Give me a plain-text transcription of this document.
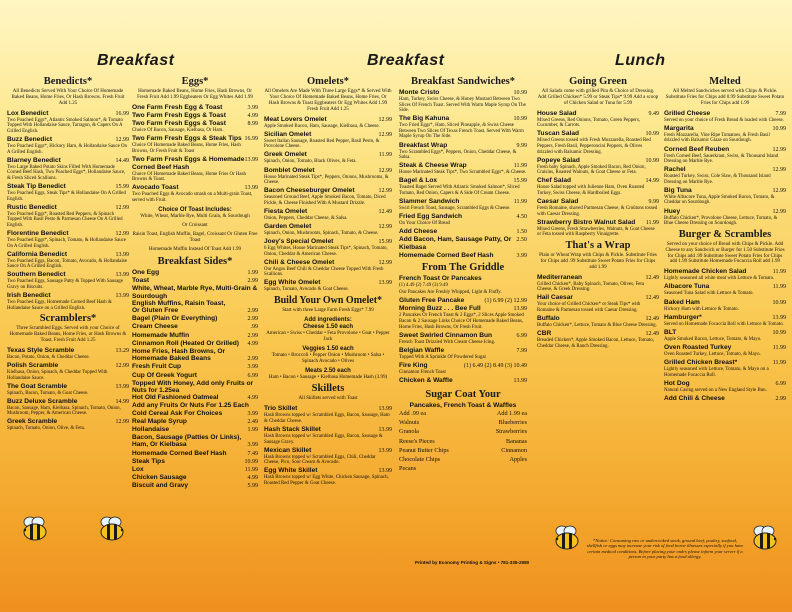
Breakfast	Breakfast	Lunch
Benedicts*
All Benedicts Served With Your Choice Of Homemade Baked Beans, Home Fries, Or Hash Browns. Fresh Fruit Add 1.25
Lox Benedict	16.99
Two Poached Eggs*, Atlantic Smoked Salmon*, & Tomato Topped With Hollandaise Sauce, Tarragon, & Capers On A Grilled English.
Buzz Benedict	12.99
Two Poached Eggs*, Hickory Ham, & Hollandaise Sauce On A Grilled English.
Blarney Benedict	14.49
Two Large Baked Potato Skins Filled With Homemade Corned Beef Hash, Two Poached Eggs*, Hollandaise Sauce, & Fresh Sliced Scallions.
Steak Tip Benedict	15.99
Two Poached Eggs, Steak Tips* & Hollandaise On A Grilled English.
Rustic Benedict	12.99
Two Poached Eggs*, Roasted Red Peppers, & Spinach Topped With Basil Pesto & Parmesan Cheese On A Grilled English.
Florentine Benedict	12.99
Two Poached Eggs*, Spinach, Tomato, & Hollandaise Sauce On A Grilled English.
California Benedict	13.99
Two Poached Eggs, Bacon, Tomato, Avocado, & Hollandaise Sauce On A Grilled English.
Southern Benedict	13.99
Two Poached Eggs, Sausage Patty & Topped With Sausage Gravy on Biscuits.
Irish Benedict	13.99
Two Poached Eggs, Homemade Corned Beef Hash & Hollandaise Sauce on a Grilled English.
Scramblers*
Three Scrambled Eggs. Served with your Choice of Homemade Baked Beans, Home Fries, or Hash Browns & Toast. Fresh Fruit Add 1.25
Texas Style Scramble	13.29
Bacon, Potato, Onion, & Cheddar Cheese.
Polish Scramble	12.99
Kielbasa, Onion, Spinach, & Cheddar Topped With Hollandaise Sauce.
The Goat Scramble	13.99
Spinach, Bacon, Tomato, & Goat Cheese.
Buzz Deluxe Scramble	14.99
Bacon, Sausage, Ham, Kielbasa, Spinach, Tomato, Onion, Mushroom, Pepper, & American Cheese.
Greek Scramble	12.99
Spinach, Tomato, Onion, Olive, & Feta.
Eggs*
Homemade Baked Beans, Home Fries, Hash Browns, Or Fresh Fruit Add 1.99 Eggbeaters Or Egg Whites Add 1.99
One Farm Fresh Egg & Toast	3.99
Two Farm Fresh Eggs & Toast	4.99
Two Farm Fresh Eggs & Toast	8.99
Choice Of Bacon, Sausage, Kielbasa, Or Ham.
Two Farm Fresh Eggs & Steak Tips 16.99
Choice Of Homemade Baked Beans, Home Fries, Hash Browns, Or Fresh Fruit & Toast
Two Farm Fresh Eggs & Homemade Corned Beef Hash
13.99
Choice Of Homemade Baked Beans, Home Fries Or Hash Browns & Toast.
Avocado Toast	13.99
Two Poached Eggs & Avocado smash on a Multi-grain Toast, served with Fruit.
Choice Of Toast Includes:
White, Wheat, Marble Rye, Multi Grain, & Sourdough
Or Croissant
Raisin Toast, English Muffin, Bagel, Croissant Or Gluten Free Toast
Homemade Muffin Instead Of Toast Add 1.99
Breakfast Sides*
One Egg	1.99
Toast	2.99
White, Wheat, Marble Rye, Multi-Grain & Sourdough
English Muffins, Raisin Toast,
Or Gluten Free	2.99
Bagel (Plain Or Everything)	2.99
Cream Cheese	.99
Homemade Muffin	2.99
Cinnamon Roll (Heated Or Grilled) 4.99
Home Fries, Hash Browns, Or
Homemade Baked Beans	2.99
Fresh Fruit Cup	3.99
Cup Of Greek Yogurt	6.99
Topped With Honey, Add only Fruits or Nuts for 1.25ea
Hot Old Fashioned Oatmeal	4.99
Add any Fruits Or Nuts For 1.25 Each
Cold Cereal Ask For Choices	3.99
Real Maple Syrup	2.49
Hollandaise	1.99
Bacon, Sausage (Patties Or Links),
Ham, Or Kielbasa	3.99
Homemade Corned Beef Hash	7.49
Steak Tips	10.99
Lox	11.99
Chicken Sausage	4.99
Biscuit and Gravy	5.99
Omelets*
All Omelets Are Made With Three Large Eggs* & Served With Your Choice Of Homemade Baked Beans, Home Fries, Or Hash Browns & Toast Eggbeaters Or Egg Whites Add 1.99 Fresh Fruit Add 1.25
Meat Lovers Omelet	12.99
Apple Smoked Bacon, Ham, Sausage, Kielbasa, & Cheese.
Sicilian Omelet	12.99
Sweet Italian Sausage, Roasted Red Pepper, Basil Pesto, & Provolone Cheese.
Greek Omelet	11.99
Spinach, Onion, Tomato, Black Olives, & Feta.
Bomblet Omelet	12.99
House Marinated Steak Tips*, Peppers, Onions, Mushrooms, & Cheese.
Bacon Cheeseburger Omelet	12.99
Seasoned Ground Beef, Apple Smoked Bacon, Tomato, Diced Pickle, & Cheese Finished With A Mustard Drizzle.
Fiesta Omelet	12.49
Onion, Peppers, Cheddar Cheese, & Salsa.
Garden Omelet	12.99
Spinach, Onion, Mushrooms, Spinach, Tomato, & Cheese.
Joey's Special Omelet	15.99
6 Egg Whites, House Marinated Steak Tips*, Spinach, Tomato, Onion, Cheddar & American Cheese.
Chili & Cheese Omelet	12.99
Our Angus Beef Chili & Cheddar Cheese Topped With Fresh Scallions.
Egg White Omelet	13.99
Spinach, Tomato, Avocado & Goat Cheese.
Build Your Own Omelet*
Start with three Large Farm Fresh Eggs* 7.99
Add ingredients:
Cheese 1.50 each
American • Swiss • Cheddar • Feta Provolone • Goat • Pepper Jack
Veggies 1.50 each
Tomato • Broccoli • Pepper Onion • Mushroom • Salsa • Spinach Avocado • Olives
Meats 2.50 each
Ham • Bacon • Sausage • Kielbasa Homemade Hash (3.99)
Skillets
All Skillets served with Toast
Trio Skillet	13.99
Hash Browns topped w/ Scrambled Eggs, Bacon, Sausage, Ham & Cheddar Cheese.
Hash Stack Skillet	13.99
Hash Browns topped w/ Scrambled Eggs, Bacon, Sausage & Sausage Gravy.
Mexican Skillet	13.99
Hash Browns topped w/ Scrambled Eggs, Chili, Cheddar Cheese, Pico, Sour Cream & Avocado.
Egg White Skillet	13.99
Hash Browns topped w/ Egg White, Chicken Sausage, Spinach, Roasted Red Pepper & Goat Cheese.
Breakfast Sandwiches*
Monte Cristo	10.99
Ham, Turkey, Swiss Cheese, & Honey Mustard Between Two Slices Of French Toast. Served With Warm Maple Syrup On The Side.
The Big Kahuna	10.99
Two Fried Eggs*, Ham, Sliced Pineapple, & Swiss Cheese Between Two Slices Of Texas French Toast. Served With Warm Maple Syrup On The Side.
Breakfast Wrap	9.99
Two Scrambled Eggs*, Peppers, Onion, Cheddar Cheese, & Salsa.
Steak & Cheese Wrap	11.99
House Marinated Steak Tips*, Two Scrambled Eggs*, & Cheese.
Bagel & Lox	15.99
Toasted Bagel Served With Atlantic Smoked Salmon*, Sliced Tomato, Red Onion, Capers & A Side Of Cream Cheese.
Slammer Sandwich	11.99
Swirl French Toast, Sausage, Scrambled Eggs & Cheese.
Fried Egg Sandwich	4.50
On Your Choice Of Bread
Add Cheese	1.50
Add Bacon, Ham, Sausage Patty, Or Kielbasa
2.50
Homemade Corned Beef Hash	3.99
From The Griddle
French Toast Or Pancakes
(1) 4.49 (2) 7.49 (3) 9.49
Our Pancakes Are Freshly Whipped, Light & Fluffy.
Gluten Free Pancake	(1) 6.99 (2) 12.99
Morning Buzz . . . Bee Full	13.99
2 Pancakes Or French Toast & 2 Eggs*, 2 Slices Apple Smoked Bacon & 2 Sausage Links Choice Of Homemade Baked Beans, Home Fries, Hash Browns, Or Fresh Fruit.
Sweet Swirled Cinnamon Bun	6.99
French Toast Drizzled With Cream Cheese Icing.
Belgian Waffle	7.99
Topped With A Sprinkle Of Powdered Sugar
Fire King	(1) 6.49 (2) 8.49 (3) 10.49
Cinnamon French Toast
Chicken & Waffle	13.99
Sugar Coat Your
Pancakes, French Toast & Waffles
Add .99 ea	Add 1.99 ea
Walnuts	Blueberries
Granola	Strawberries
Reese's Pieces	Bananas
Peanut Butter Chips	Cinnamon
Chocolate Chips	Apples
Pecans
Going Green
All Salads come with grilled Pita & Choice of Dressing. Add Grilled Chicken* 5.99 or Steak Tips* 9.99 Add a scoop of Chicken Salad or Tuna for 5.99
House Salad	9.49
Mixed Greens, Red Onions, Tomato, Green Peppers, Cucumber, & Carrots.
Tuscan Salad	10.99
Mixed Greens tossed with Fresh Mozzarella, Roasted Red Peppers, Fresh Basil, Pepperoncini Peppers, & Olives drizzled with Balsamic Dressing.
Popeye Salad	10.99
Fresh baby Spinach, Apple Smoked Bacon, Red Onion, Craisins, Roasted Walnuts, & Goat Cheese or Feta.
Chef Salad	14.99
House Salad topped with Julienne Ham, Oven Roasted Turkey, Swiss Cheese, & Hardboiled Eggs.
Caesar Salad	9.99
Fresh Romaine, shaved Parmesan Cheese, & Croûtons tossed with Caesar Dressing.
Strawberry Bistro Walnut Salad 11.99
Mixed Greens, Fresh Strawberries, Walnuts, & Goat Cheese or Feta tossed with Raspberry Vinaigrette.
That's a Wrap
Plain or Wheat Wrap with Chips & Pickle. Substitute Fries for Chips add .99 Substitute Sweet Potato Fries for Chips add 1.99
Mediterranean	12.49
Grilled Chicken*, Baby Spinach, Tomato, Olives, Feta Cheese, & Greek Dressing.
Hail Caesar	12.49
Your choice of Grilled Chicken* or Steak Tips* with Romaine & Parmesan tossed with Caesar Dressing.
Buffalo	12.49
Buffalo Chicken*, Lettuce, Tomato & Blue Cheese Dressing.
CBR	12.49
Breaded Chicken*, Apple Smoked Bacon, Lettuce, Tomato, Cheddar Cheese, & Ranch Dressing.
Melted
All Melted Sandwiches served with Chips & Pickle. Substitute Fries for Chips add 0.99 Substitute Sweet Potato Fries for Chips add 1.99
Grilled Cheese	7.99
Served on your choice of Fresh Bread & loaded with Cheese.
Margarita	10.99
Fresh Mozzarella, Vine Ripe Tomatoes, & Fresh Basil drizzled with Balsamic Glaze on Sourdough.
Corned Beef Reuben	12.99
Fresh Corned Beef, Sauerkraut, Swiss, & Thousand Island Dressing on Marble Rye.
Rachel	12.99
Roasted Turkey, Swiss, Cole Slaw, & Thousand Island Dressing on Marble Rye.
Big Tuna	12.99
White Albacore Tuna, Apple Smoked Bacon, Tomato, & Cheddar on Sourdough.
Huey	12.99
Buffalo Chicken*, Provolone Cheese, Lettuce, Tomato, & Blue Cheese Dressing on Sourdough.
Burger & Scrambles
Served on your choice of Bread with Chips & Pickle. Add Cheese to any Sandwich or Burger for 1.50 Substitute Fries for Chips add .99 Substitute Sweet Potato Fries for Chips add 1.99 Substitute Homemade Focaccia Roll add 1.99
Homemade Chicken Salad	11.99
Lightly seasoned all white meat with Lettuce & Tomato.
Albacore Tuna	11.99
Seasoned Tuna Salad with Lettuce & Tomato.
Baked Ham	10.99
Hickory Ham with Lettuce & Tomato.
Hamburger*	13.99
Served on Homemade Focaccia Roll with Lettuce & Tomato.
BLT	10.99
Apple Smoked Bacon, Lettuce, Tomato, & Mayo.
Oven Roasted Turkey	11.99
Oven Roasted Turkey, Lettuce, Tomato, & Mayo.
Grilled Chicken Breast*	11.99
Lightly seasoned with Lettuce, Tomato, & Mayo on a Homemade Focaccia Roll.
Hot Dog	6.99
Natural Casing served on a New England Style Bun.
Add Chili & Cheese	2.99
*Notice: Consuming raw or undercooked steak, ground beef, poultry, seafood, shellfish or eggs may increase your risk of food borne illnesses especially if you have certain medical conditions. Before placing your order, please inform your server if a person in your party has a food allergy.
Printed by Economy Printing & Signs • 781-335-2980
